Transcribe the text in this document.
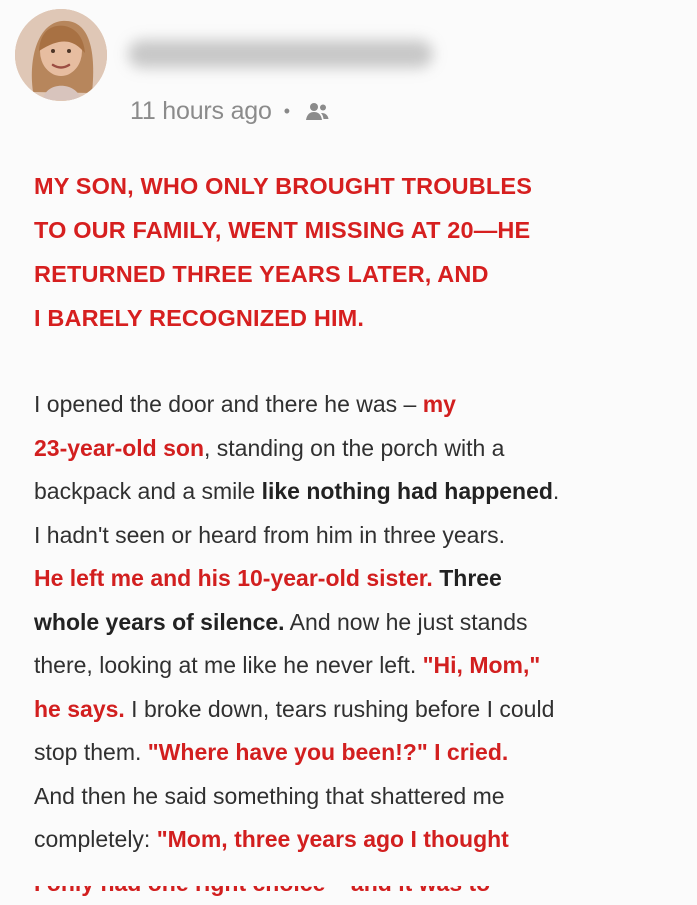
11 hours ago •
MY SON, WHO ONLY BROUGHT TROUBLES
TO OUR FAMILY, WENT MISSING AT 20—HE
RETURNED THREE YEARS LATER, AND
I BARELY RECOGNIZED HIM.
I opened the door and there he was – my
23-year-old son, standing on the porch with a
backpack and a smile like nothing had happened.
I hadn't seen or heard from him in three years.
He left me and his 10-year-old sister. Three
whole years of silence. And now he just stands
there, looking at me like he never left. "Hi, Mom,"
he says. I broke down, tears rushing before I could
stop them. "Where have you been!?" I cried.
And then he said something that shattered me
completely: "Mom, three years ago I thought
